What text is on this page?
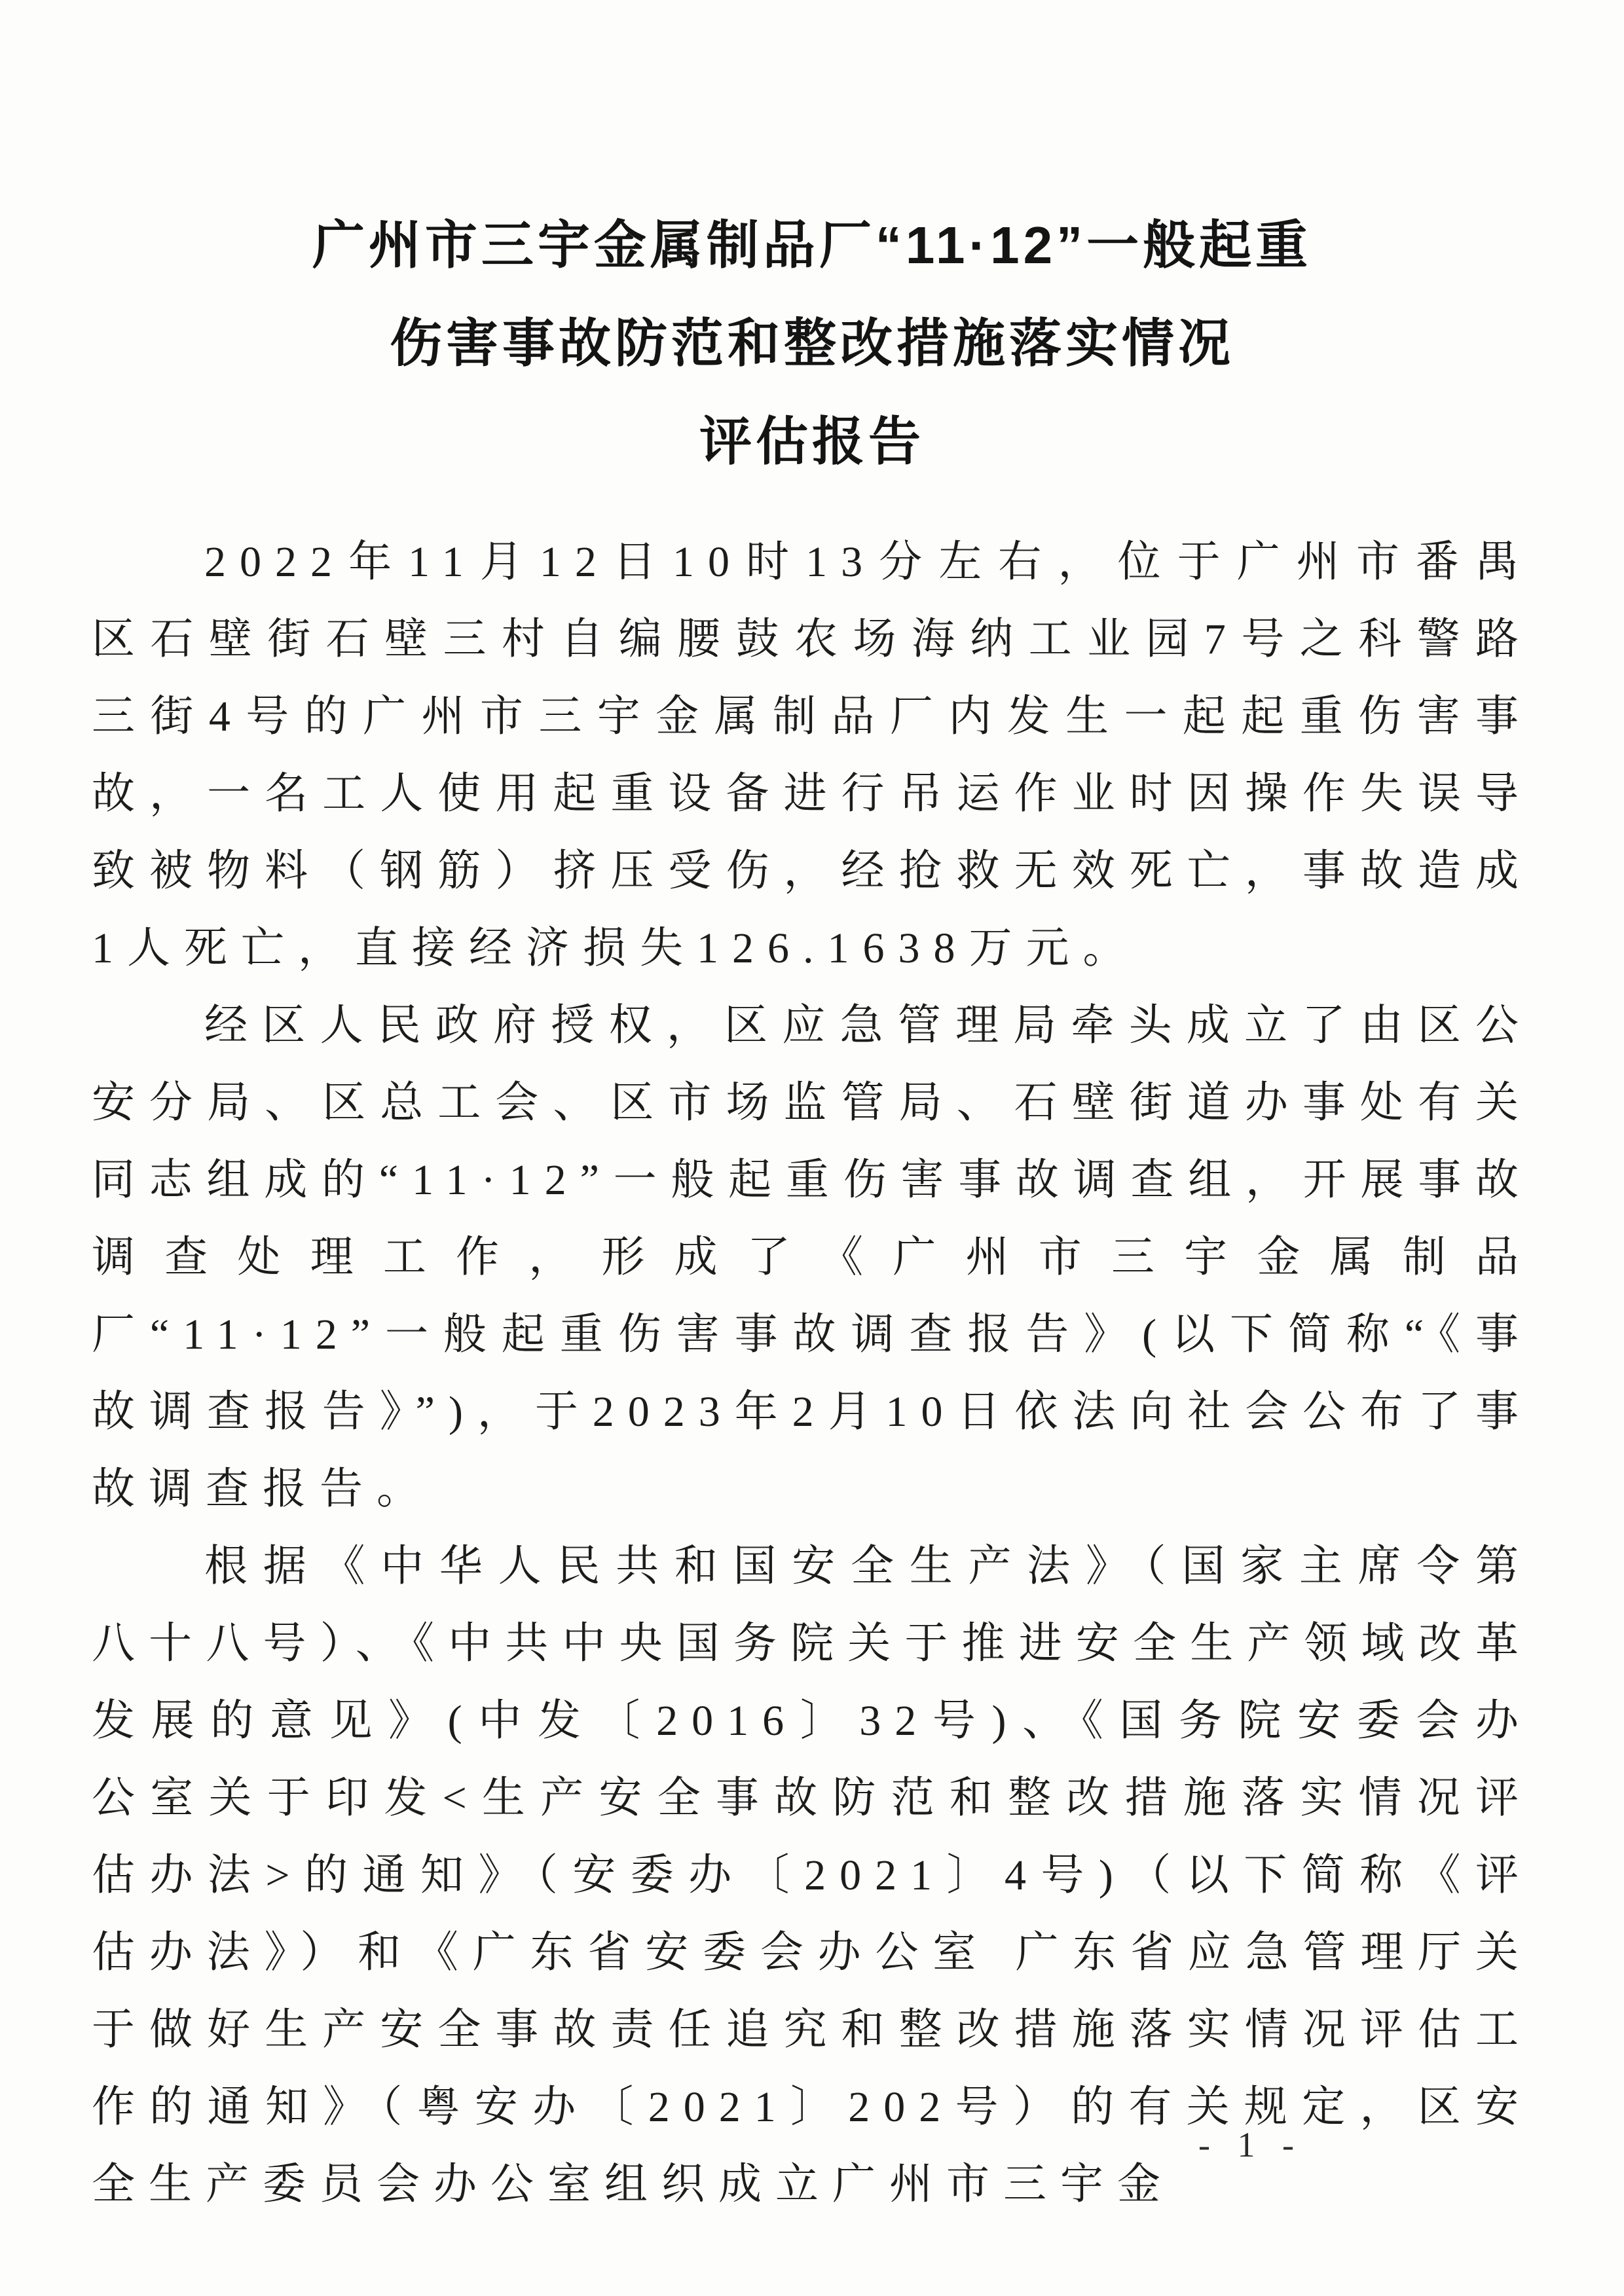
广州市三宇金属制品厂“11·12”一般起重
伤害事故防范和整改措施落实情况
评估报告

2022年11月12日10时13分左右，位于广州市番禺区石壁街石壁三村自编腰鼓农场海纳工业园7号之科警路三街4号的广州市三宇金属制品厂内发生一起起重伤害事故，一名工人使用起重设备进行吊运作业时因操作失误导致被物料（钢筋）挤压受伤，经抢救无效死亡，事故造成1人死亡，直接经济损失126.1638万元。

经区人民政府授权，区应急管理局牵头成立了由区公安分局、区总工会、区市场监管局、石壁街道办事处有关同志组成的“11·12”一般起重伤害事故调查组，开展事故调查处理工作，形成了《广州市三宇金属制品厂“11·12”一般起重伤害事故调查报告》(以下简称“《事故调查报告》”)，于2023年2月10日依法向社会公布了事故调查报告。

根据《中华人民共和国安全生产法》（国家主席令第八十八号）、《中共中央国务院关于推进安全生产领域改革发展的意见》(中发〔2016〕32号)、《国务院安委会办公室关于印发<生产安全事故防范和整改措施落实情况评估办法>的通知》（安委办〔2021〕4号)（以下简称《评估办法》）和《广东省安委会办公室 广东省应急管理厅关于做好生产安全事故责任追究和整改措施落实情况评估工作的通知》（粤安办〔2021〕202号）的有关规定，区安全生产委员会办公室组织成立广州市三宇金

- 1 -
